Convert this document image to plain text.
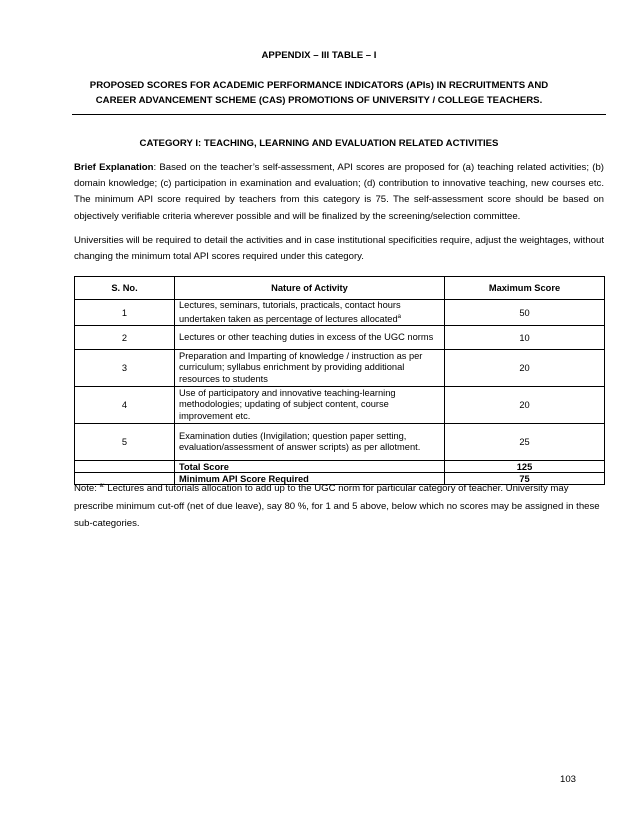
APPENDIX – III TABLE – I
PROPOSED SCORES FOR ACADEMIC PERFORMANCE INDICATORS (APIs) IN RECRUITMENTS AND CAREER ADVANCEMENT SCHEME (CAS) PROMOTIONS OF UNIVERSITY / COLLEGE TEACHERS.
CATEGORY I: TEACHING, LEARNING AND EVALUATION RELATED ACTIVITIES
Brief Explanation: Based on the teacher’s self-assessment, API scores are proposed for (a) teaching related activities; (b) domain knowledge; (c) participation in examination and evaluation; (d) contribution to innovative teaching, new courses etc. The minimum API score required by teachers from this category is 75. The self-assessment score should be based on objectively verifiable criteria wherever possible and will be finalized by the screening/selection committee.
Universities will be required to detail the activities and in case institutional specificities require, adjust the weightages, without changing the minimum total API scores required under this category.
S. No.	Nature of Activity	Maximum Score
1	Lectures, seminars, tutorials, practicals, contact hours undertaken taken as percentage of lectures allocated$^a$	50
2	Lectures or other teaching duties in excess of the UGC norms	10
3	Preparation and Imparting of knowledge / instruction as per curriculum; syllabus enrichment by providing additional resources to students	20
4	Use of participatory and innovative teaching-learning methodologies; updating of subject content, course improvement etc.	20
5	Examination duties (Invigilation; question paper setting, evaluation/assessment of answer scripts) as per allotment.	25
	Total Score	125
	Minimum API Score Required	75
Note: $^{a:}$ Lectures and tutorials allocation to add up to the UGC norm for particular category of teacher. University may prescribe minimum cut-off (net of due leave), say 80 %, for 1 and 5 above, below which no scores may be assigned in these sub-categories.
103
